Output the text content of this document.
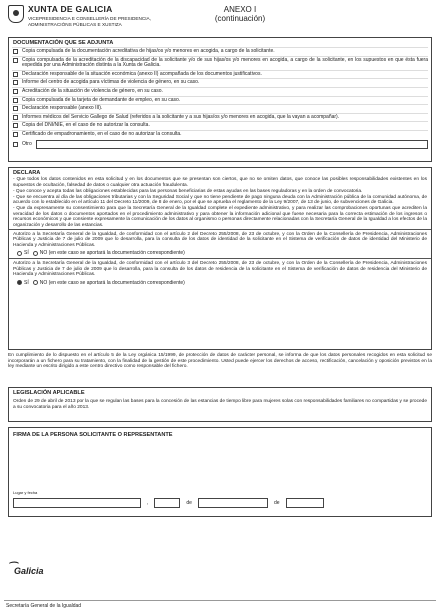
XUNTA DE GALICIA
VICEPRESIDENCIA E CONSELLERÍA DE PRESIDENCIA,
ADMINISTRACIÓNS PÚBLICAS E XUSTIZA
ANEXO I
(continuación)
DOCUMENTACIÓN QUE SE ADJUNTA
Copia compulsada de la documentación acreditativa de hijas/os y/o menores en acogida, a cargo de la solicitante.
Copia compulsada de la acreditación de la discapacidad de la solicitante y/o de sus hijas/os y/o menores en acogida, a cargo de la solicitante, en los supuestos en que ésta fuera expedida por una Administración distinta a la Xunta de Galicia.
Declaración responsable de la situación económica (anexo II) acompañada de los documentos justificativos.
Informe del centro de acogida para víctimas de violencia de género, en su caso.
Acreditación de la situación de violencia de género, en su caso.
Copia compulsada de la tarjeta de demandante de empleo, en su caso.
Declaración responsable (anexo III).
Informes médicos del Servicio Gallego de Salud (referidos a la solicitante y a sus hijas/os y/o menores en acogida, que la vayan a acompañar).
Copia del DNI/NIE, en el caso de no autorizar la consulta.
Certificado de empadronamiento, en el caso de no autorizar la consulta.
Otro
DECLARA

- Que todos los datos contenidos en esta solicitud y en los documentos que se presentan son ciertos, que no se omiten datos, que conoce las posibles responsabilidades existentes en los supuestos de ocultación, falsedad de datos o cualquier otra actuación fraudulenta.

- Que conoce y acepta todas las obligaciones establecidas para las personas beneficiarias de estas ayudas en las bases reguladoras y en la orden de convocatoria.

- Que se encuentra al día de las obligaciones tributarias y con la Seguridad Social y que no tiene pendiente de pago ninguna deuda con la Administración pública de la comunidad autónoma, de acuerdo con lo establecido en el artículo 11 del Decreto 11/2009, de 8 de enero, por el que se aprueba el reglamento de la Ley 9/2007, de 13 de junio, de subvenciones de Galicia.

- Que da expresamente su consentimiento para que la Secretaría General de la Igualdad complete el expediente administrativo, y para realizar las comprobaciones oportunas que acrediten la veracidad de los datos o documentos aportados en el procedimiento administrativo y para obtener la información adicional que fuese necesaria para la correcta estimación de los ingresos o recursos económicos y que consiente expresamente la comunicación de los datos al organismo o personas directamente relacionadas con la Secretaría General de la Igualdad a los efectos de la organización y desarrollo de las estancias.

Autorizo a la Secretaría General de la Igualdad, de conformidad con el artículo 2 del Decreto 255/2008, de 23 de octubre, y con la Orden de la Consellería de Presidencia, Administraciones Públicas y Justicia de 7 de julio de 2009 que lo desarrolla, para la consulta de los datos de identidad de la solicitante en el Sistema de verificación de datos de identidad del Ministerio de Hacienda y Administraciones Públicas.
SÍ NO (en este caso se aportará la documentación correspondiente)
Autorizo a la Secretaría General de la Igualdad, de conformidad con el artículo 3 del Decreto 255/2008, de 23 de octubre, y con la Orden de la Consellería de Presidencia, Administraciones Públicas y Justicia de 7 de julio de 2009 que lo desarrolla, para la consulta de los datos de residencia de la solicitante en el Sistema de verificación de datos de residencia del Ministerio de Hacienda y Administraciones Públicas.
SÍ NO (en este caso se aportará la documentación correspondiente)
En cumplimiento de lo dispuesto en el artículo 5 de la Ley orgánica 15/1999, de protección de datos de carácter personal, se informa de que los datos personales recogidos en esta solicitud se incorporarán a un fichero para su tratamiento, con la finalidad de la gestión de este procedimiento. Usted puede ejercer los derechos de acceso, rectificación, cancelación y oposición previstos en la ley mediante un escrito dirigido a este centro directivo como responsable del fichero.
LEGISLACIÓN APLICABLE
Orden de 29 de abril de 2013 por la que se regulan las bases para la concesión de las estancias de tiempo libre para mujeres solas con responsabilidades familiares no compartidas y se procede a su convocatoria para el año 2013.
FIRMA DE LA PERSONA SOLICITANTE O REPRESENTANTE
Lugar y fecha
,	de	de
⁀
Galicia
Secretaría General de la Igualdad
